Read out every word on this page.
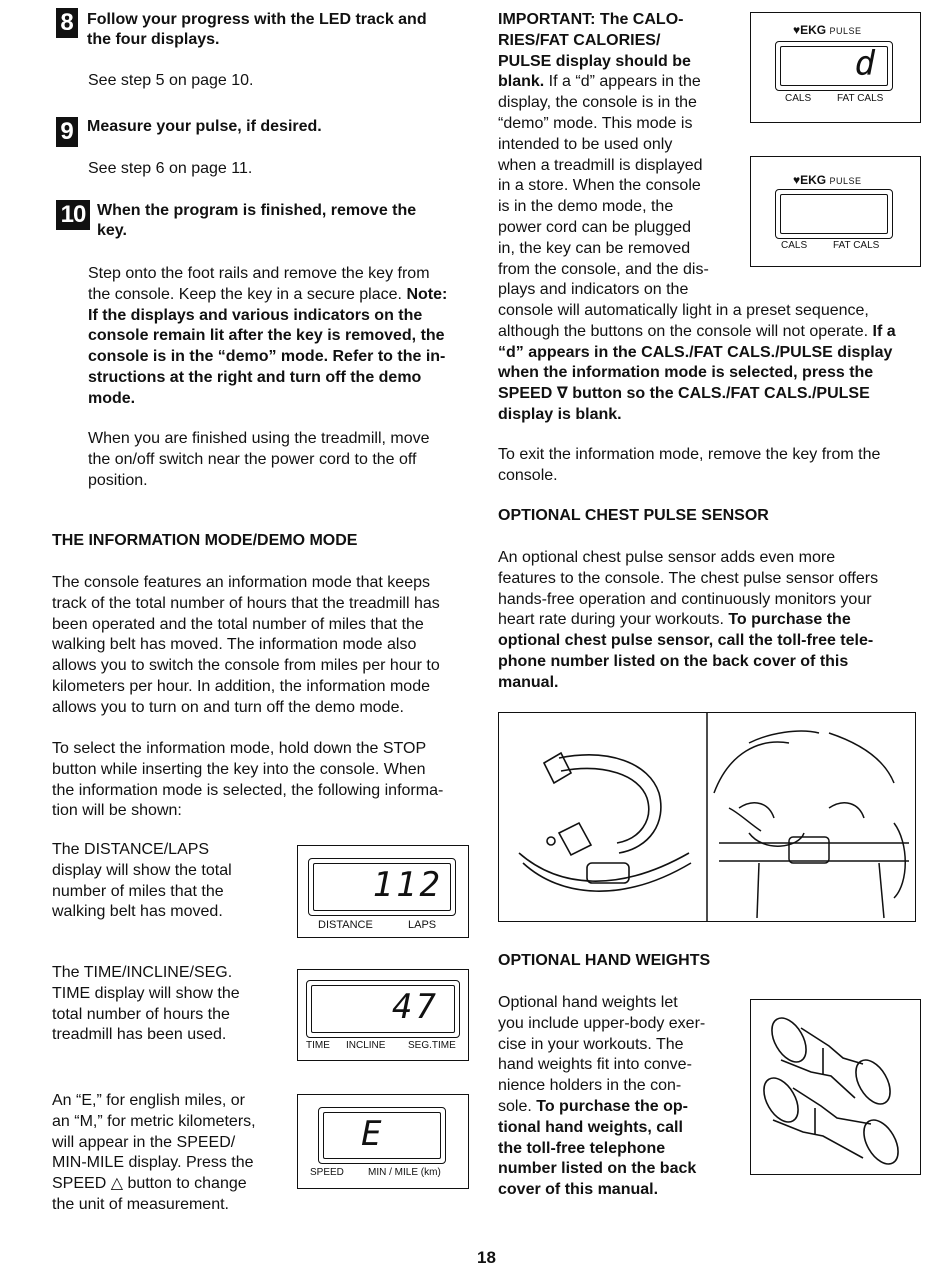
8 Follow your progress with the LED track and
the four displays.

See step 5 on page 10.

9 Measure your pulse, if desired.

See step 6 on page 11.

10 When the program is finished, remove the
key.
Step onto the foot rails and remove the key from
the console. Keep the key in a secure place. Note:
If the displays and various indicators on the
console remain lit after the key is removed, the
console is in the “demo” mode. Refer to the in-
structions at the right and turn off the demo
mode.
When you are finished using the treadmill, move
the on/off switch near the power cord to the off
position.
THE INFORMATION MODE/DEMO MODE
The console features an information mode that keeps
track of the total number of hours that the treadmill has
been operated and the total number of miles that the
walking belt has moved. The information mode also
allows you to switch the console from miles per hour to
kilometers per hour. In addition, the information mode
allows you to turn on and turn off the demo mode.
To select the information mode, hold down the STOP
button while inserting the key into the console. When
the information mode is selected, the following informa-
tion will be shown:
The DISTANCE/LAPS
display will show the total
number of miles that the
walking belt has moved.
The TIME/INCLINE/SEG.
TIME display will show the
total number of hours the
treadmill has been used.
An “E,” for english miles, or
an “M,” for metric kilometers,
will appear in the SPEED/
MIN-MILE display. Press the
SPEED △ button to change
the unit of measurement.
112
DISTANCE	LAPS
47
TIME INCLINE SEG.TIME
E
SPEED MIN / MILE (km)
IMPORTANT: The CALO-
RIES/FAT CALORIES/
PULSE display should be
blank. If a “d” appears in the
display, the console is in the
“demo” mode. This mode is
intended to be used only
when a treadmill is displayed
in a store. When the console
is in the demo mode, the
power cord can be plugged
in, the key can be removed
from the console, and the dis-
plays and indicators on the
console will automatically light in a preset sequence,
although the buttons on the console will not operate. If a
“d” appears in the CALS./FAT CALS./PULSE display
when the information mode is selected, press the
SPEED ∇ button so the CALS./FAT CALS./PULSE
display is blank.
To exit the information mode, remove the key from the
console.
♥EKG PULSE
d
CALS	FAT CALS
♥EKG PULSE
CALS	FAT CALS
OPTIONAL CHEST PULSE SENSOR
An optional chest pulse sensor adds even more
features to the console. The chest pulse sensor offers
hands-free operation and continuously monitors your
heart rate during your workouts. To purchase the
optional chest pulse sensor, call the toll-free tele-
phone number listed on the back cover of this
manual.
OPTIONAL HAND WEIGHTS
Optional hand weights let
you include upper-body exer-
cise in your workouts. The
hand weights fit into conve-
nience holders in the con-
sole. To purchase the op-
tional hand weights, call
the toll-free telephone
number listed on the back
cover of this manual.
18
